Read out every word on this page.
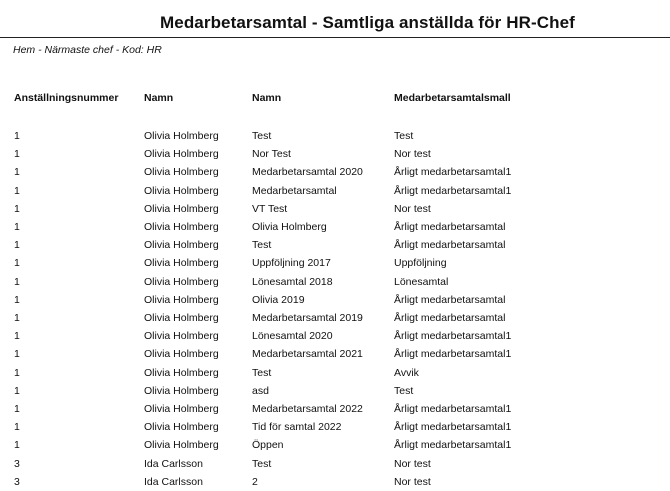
Medarbetarsamtal - Samtliga anställda för HR-Chef
Hem - Närmaste chef - Kod: HR
Anställningsnummer	Namn	Namn	Medarbetarsamtalsmall

1	Olivia Holmberg	Test	Test
1	Olivia Holmberg	Nor Test	Nor test
1	Olivia Holmberg	Medarbetarsamtal 2020	Årligt medarbetarsamtal1
1	Olivia Holmberg	Medarbetarsamtal	Årligt medarbetarsamtal1
1	Olivia Holmberg	VT Test	Nor test
1	Olivia Holmberg	Olivia Holmberg	Årligt medarbetarsamtal
1	Olivia Holmberg	Test	Årligt medarbetarsamtal
1	Olivia Holmberg	Uppföljning 2017	Uppföljning
1	Olivia Holmberg	Lönesamtal 2018	Lönesamtal
1	Olivia Holmberg	Olivia 2019	Årligt medarbetarsamtal
1	Olivia Holmberg	Medarbetarsamtal 2019	Årligt medarbetarsamtal
1	Olivia Holmberg	Lönesamtal 2020	Årligt medarbetarsamtal1
1	Olivia Holmberg	Medarbetarsamtal 2021	Årligt medarbetarsamtal1
1	Olivia Holmberg	Test	Avvik
1	Olivia Holmberg	asd	Test
1	Olivia Holmberg	Medarbetarsamtal 2022	Årligt medarbetarsamtal1
1	Olivia Holmberg	Tid för samtal 2022	Årligt medarbetarsamtal1
1	Olivia Holmberg	Öppen	Årligt medarbetarsamtal1
3	Ida Carlsson	Test	Nor test
3	Ida Carlsson	2	Nor test
